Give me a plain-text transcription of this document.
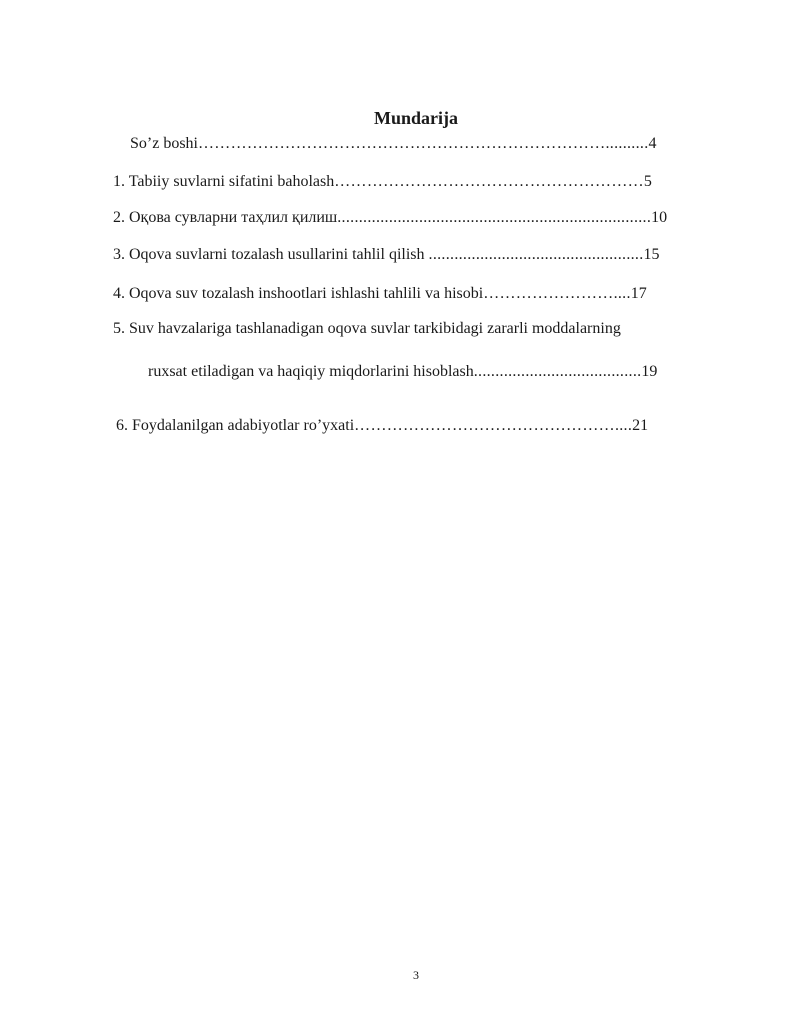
Mundarija
So’z boshi…………………………………………………………………..........4
1. Tabiiy suvlarni sifatini baholash…………………………………………………5
2. Оқова сувларни таҳлил қилиш.........................................................................10
3. Oqova suvlarni tozalash usullarini tahlil qilish ..................................................15
4. Oqova suv tozalash inshootlari ishlashi tahlili va hisobi……………………....17
5. Suv havzalariga tashlanadigan oqova suvlar tarkibidagi zararli moddalarning
ruxsat etiladigan va haqiqiy miqdorlarini hisoblash.......................................19
6. Foydalanilgan adabiyotlar ro’yxati…………………………………………....21
3
